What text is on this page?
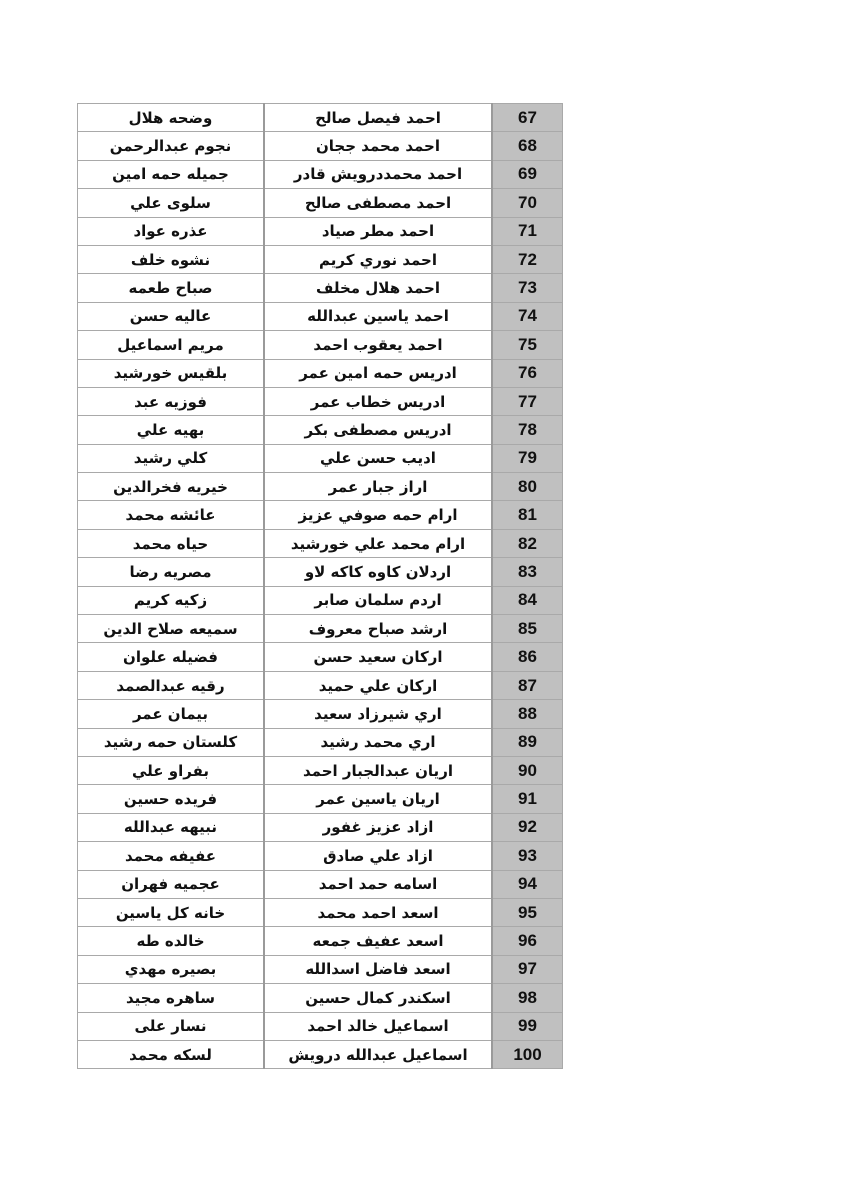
وضحه هلال	احمد فيصل صالح	67
نجوم عبدالرحمن	احمد محمد ججان	68
جميله حمه امين	احمد محمددرويش قادر	69
سلوى علي	احمد مصطفى صالح	70
عذره عواد	احمد مطر صياد	71
نشوه خلف	احمد نوري كريم	72
صباح طعمه	احمد هلال مخلف	73
عاليه حسن	احمد ياسين عبدالله	74
مريم اسماعيل	احمد يعقوب احمد	75
بلقيس خورشيد	ادريس حمه امين عمر	76
فوزيه عبد	ادريس خطاب عمر	77
بهيه علي	ادريس مصطفى بكر	78
كلي رشيد	اديب حسن علي	79
خيريه فخرالدين	اراز جبار عمر	80
عائشه محمد	ارام حمه صوفي عزيز	81
حياه محمد	ارام محمد علي خورشيد	82
مصريه رضا	اردلان كاوه كاكه لاو	83
زكيه كريم	اردم سلمان صابر	84
سميعه صلاح الدين	ارشد صباح معروف	85
فضيله علوان	اركان سعيد حسن	86
رقيه عبدالصمد	اركان علي حميد	87
بيمان عمر	اري شيرزاد سعيد	88
كلستان حمه رشيد	اري محمد رشيد	89
بفراو علي	اريان عبدالجبار احمد	90
فريده حسين	اريان ياسين عمر	91
نبيهه عبدالله	ازاد عزيز غفور	92
عفيفه محمد	ازاد علي صادق	93
عجميه فهران	اسامه حمد احمد	94
خانه كل ياسين	اسعد احمد محمد	95
خالده طه	اسعد عفيف جمعه	96
بصيره مهدي	اسعد فاضل اسدالله	97
ساهره مجيد	اسكندر كمال حسين	98
نسار على	اسماعيل خالد احمد	99
لسكه محمد	اسماعيل عبدالله درويش	100
